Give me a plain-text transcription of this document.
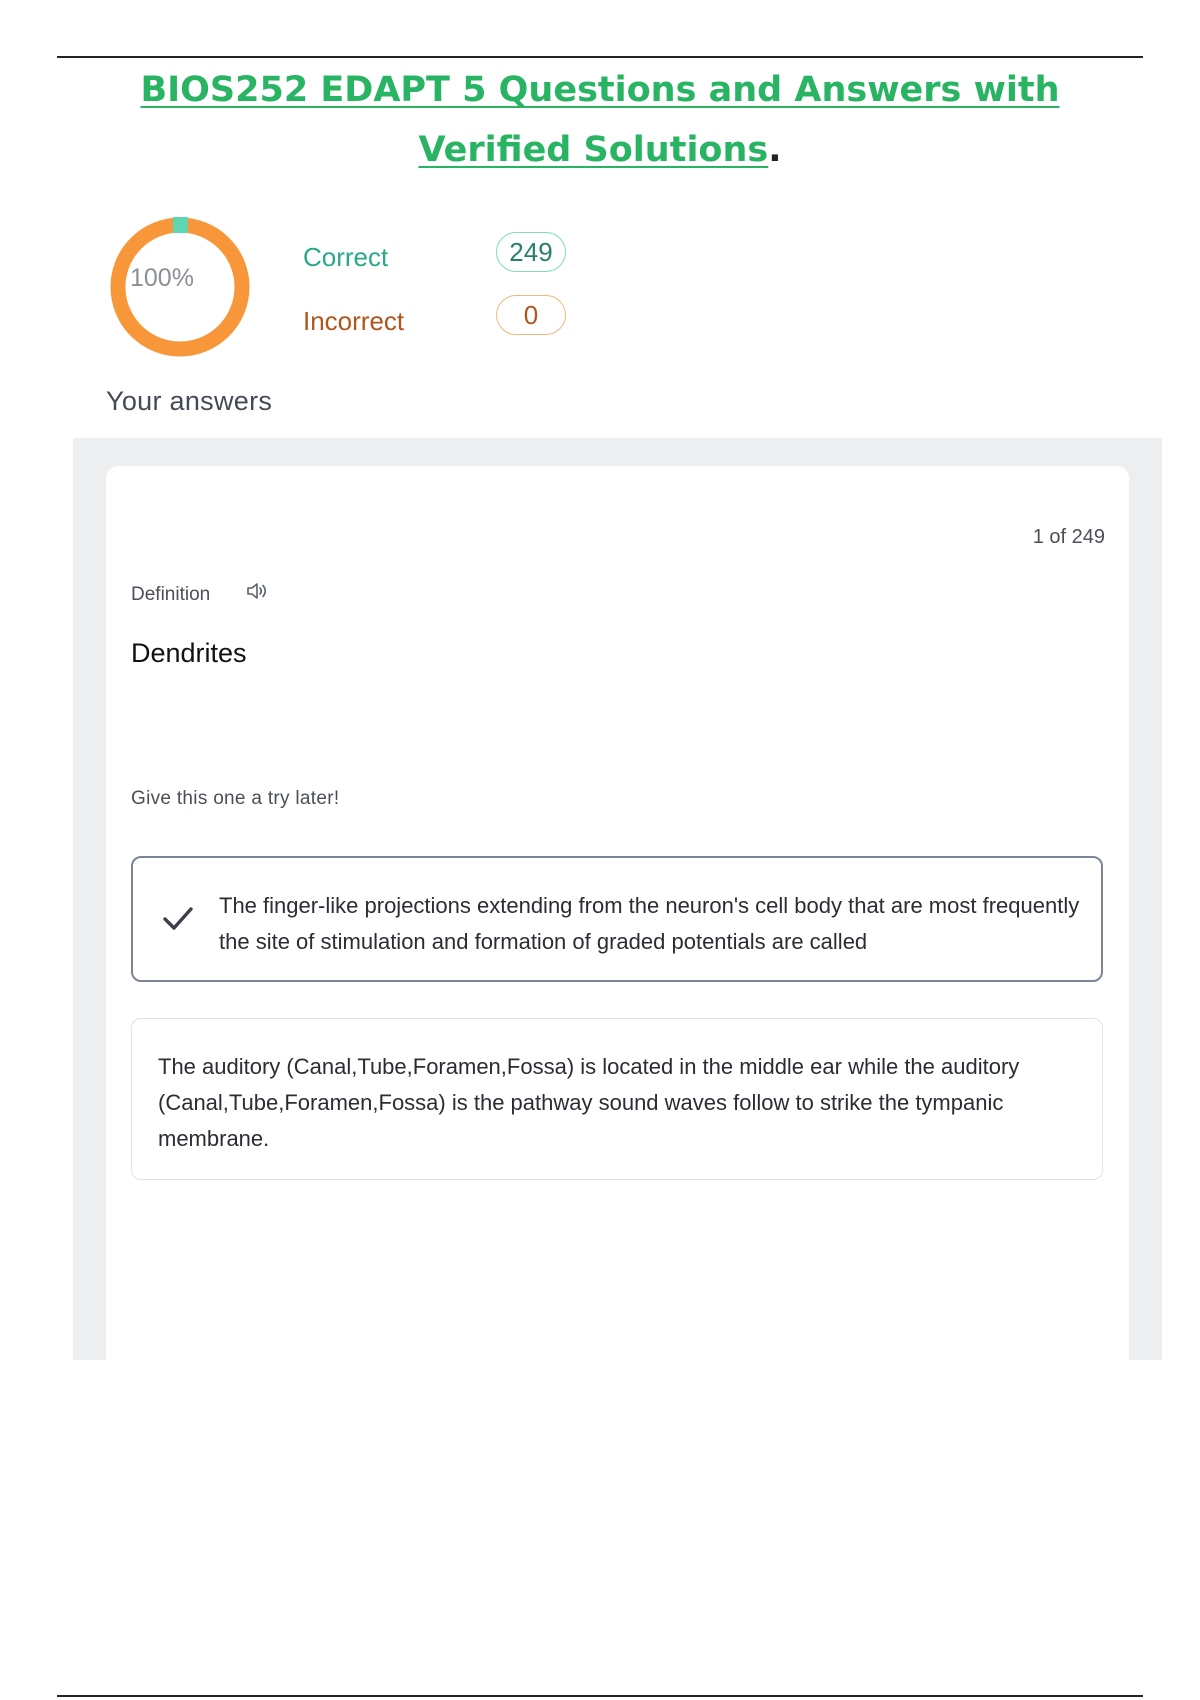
BIOS252 EDAPT 5 Questions and Answers with
Verified Solutions.
100%
Correct	249
Incorrect	0
Your answers
1 of 249
Definition
Dendrites
Give this one a try later!
The finger-like projections extending from the neuron's cell body that are most frequently the site of stimulation and formation of graded potentials are called
The auditory (Canal,Tube,Foramen,Fossa) is located in the middle ear while the auditory (Canal,Tube,Foramen,Fossa) is the pathway sound waves follow to strike the tympanic membrane.
